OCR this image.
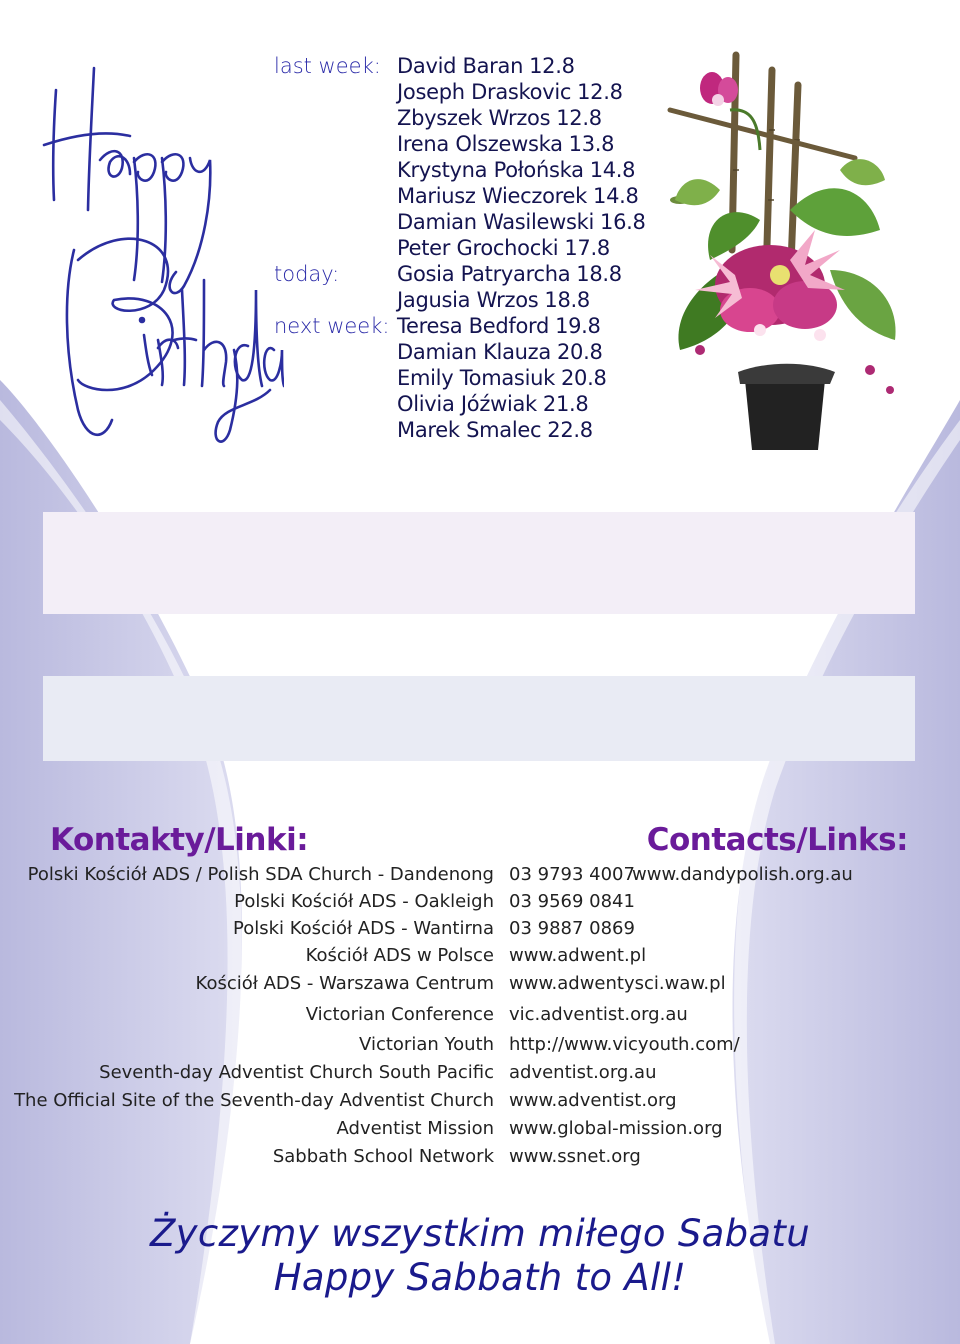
last week:
today:
next week:
David Baran 12.8
Joseph Draskovic 12.8
Zbyszek Wrzos 12.8
Irena Olszewska 13.8
Krystyna Połońska 14.8
Mariusz Wieczorek 14.8
Damian Wasilewski 16.8
Peter Grochocki 17.8
Gosia Patryarcha 18.8
Jagusia Wrzos 18.8
Teresa Bedford 19.8
Damian Klauza 20.8
Emily Tomasiuk 20.8
Olivia Jóźwiak 21.8
Marek Smalec 22.8

Kontakty/Linki:	Contacts/Links:
Polski Kościół ADS / Polish SDA Church - Dandenong 03 9793 4007
www.dandypolish.org.au
Polski Kościół ADS - Oakleigh 03 9569 0841
Polski Kościół ADS - Wantirna 03 9887 0869
Kościół ADS w Polsce www.adwent.pl
Kościół ADS - Warszawa Centrum www.adwentysci.waw.pl
Victorian Conference vic.adventist.org.au
Victorian Youth http://www.vicyouth.com/
Seventh-day Adventist Church South Pacific adventist.org.au
The Official Site of the Seventh-day Adventist Church www.adventist.org
Adventist Mission www.global-mission.org
Sabbath School Network www.ssnet.org
Życzymy wszystkim miłego Sabatu
Happy Sabbath to All!
